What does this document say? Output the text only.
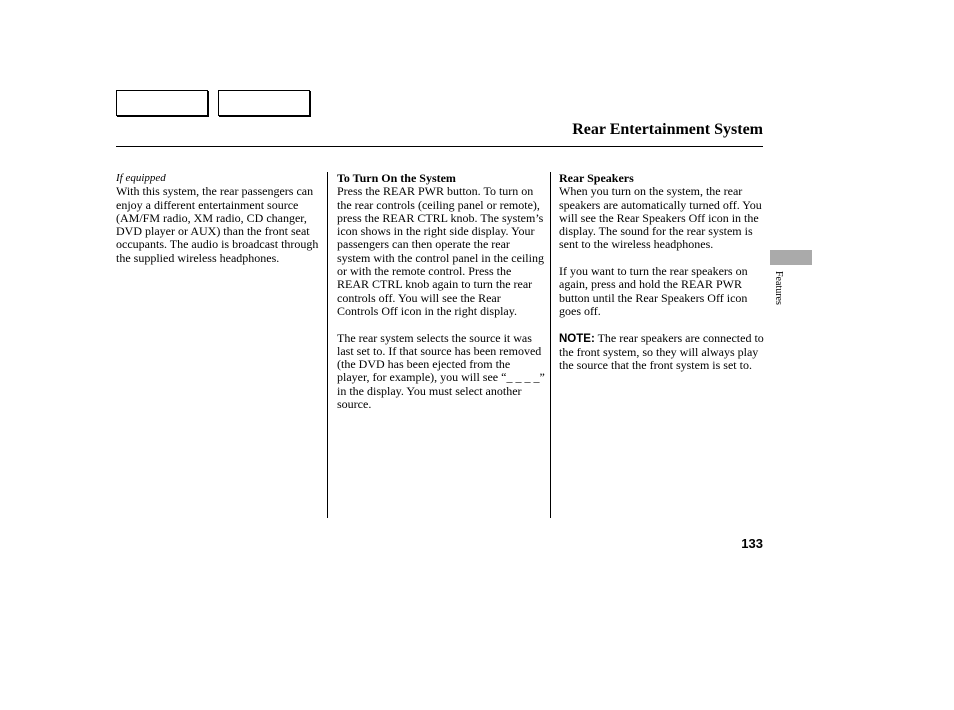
Rear Entertainment System
If equipped

With this system, the rear passengers can enjoy a different entertainment source (AM/FM radio, XM radio, CD changer, DVD player or AUX) than the front seat occupants. The audio is broadcast through the supplied wireless headphones.

To Turn On the System

Press the REAR PWR button. To turn on the rear controls (ceiling panel or remote), press the REAR CTRL knob. The system’s icon shows in the right side display. Your passengers can then operate the rear system with the control panel in the ceiling or with the remote control. Press the REAR CTRL knob again to turn the rear controls off. You will see the Rear Controls Off icon in the right display.

The rear system selects the source it was last set to. If that source has been removed (the DVD has been ejected from the player, for example), you will see “_ _ _ _” in the display. You must select another source.

Rear Speakers

When you turn on the system, the rear speakers are automatically turned off. You will see the Rear Speakers Off icon in the display. The sound for the rear system is sent to the wireless headphones.

If you want to turn the rear speakers on again, press and hold the REAR PWR button until the Rear Speakers Off icon goes off.

NOTE: The rear speakers are connected to the front system, so they will always play the source that the front system is set to.

Features
133
